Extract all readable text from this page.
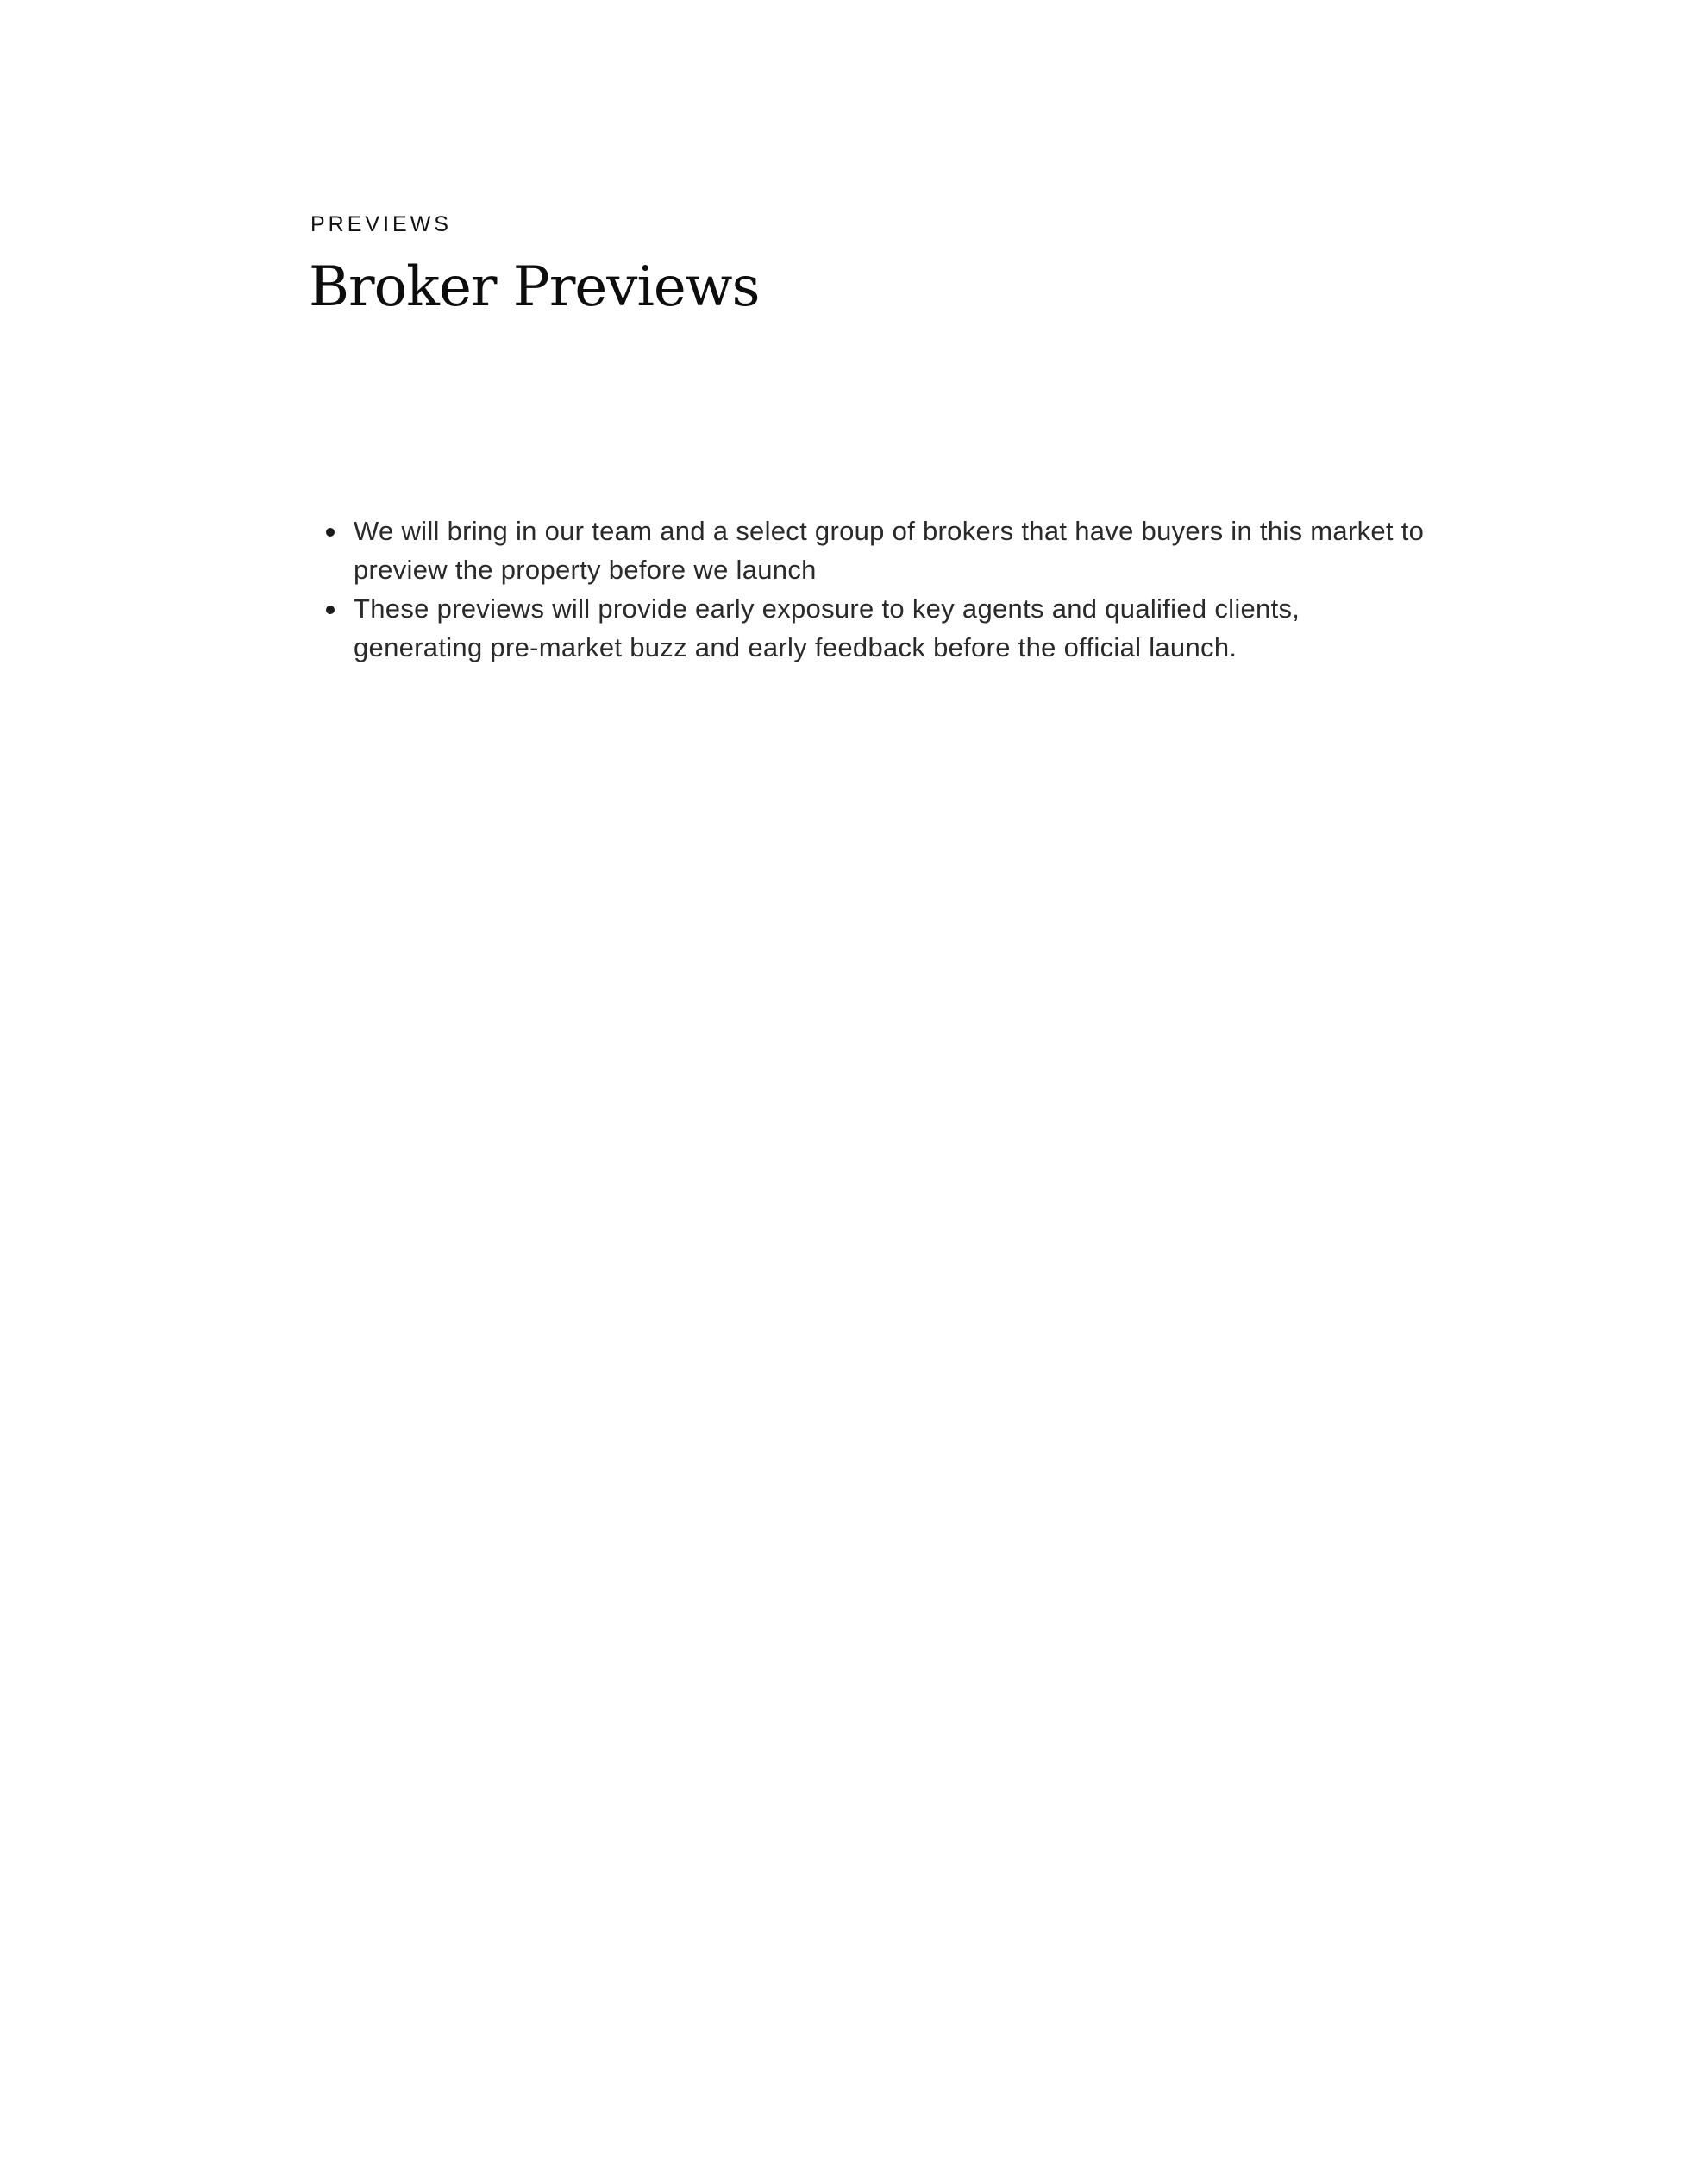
PREVIEWS

Broker Previews
We will bring in our team and a select group of brokers that have buyers in this market to preview the property before we launch
These previews will provide early exposure to key agents and qualified clients, generating pre-market buzz and early feedback before the official launch.
